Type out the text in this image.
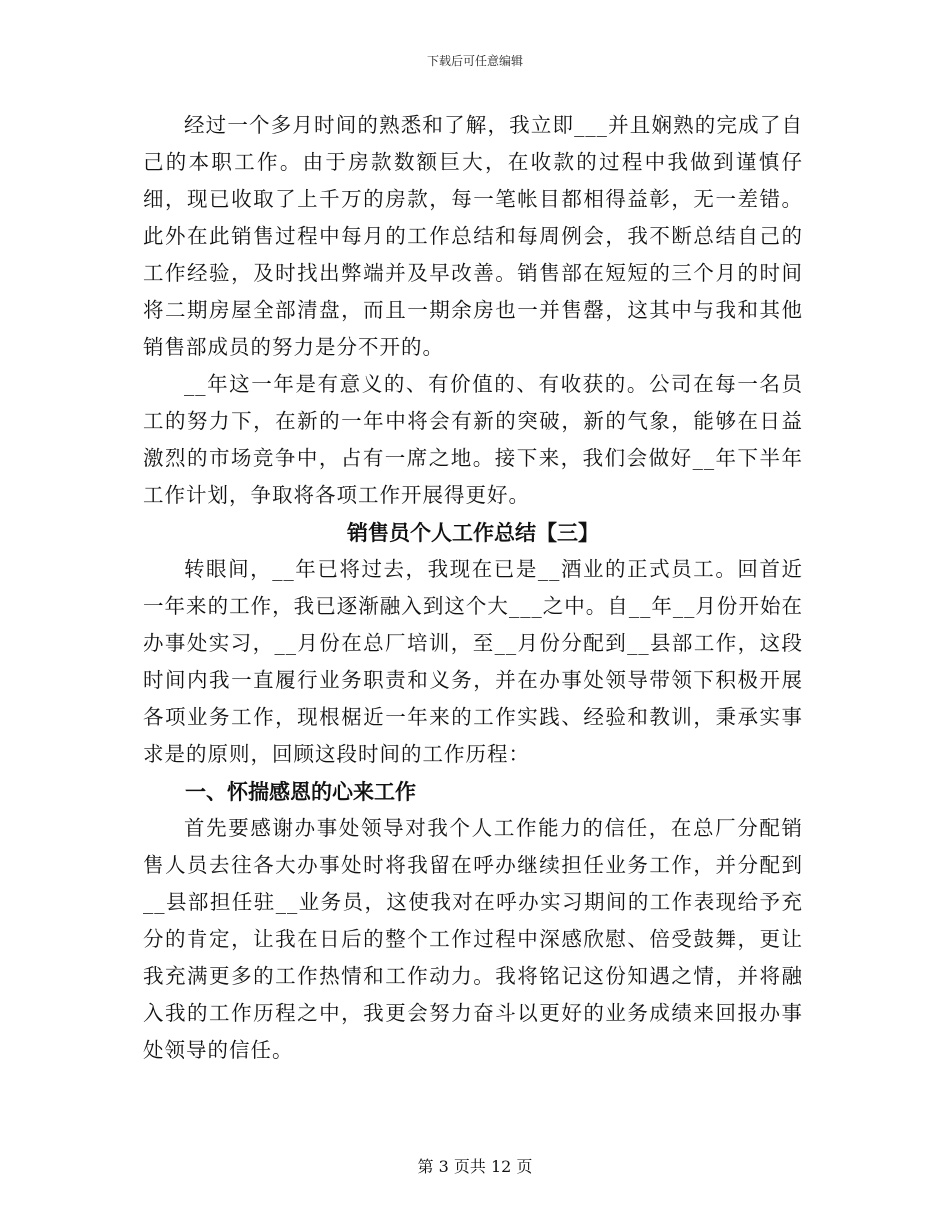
下载后可任意编辑

经过一个多月时间的熟悉和了解，我立即___并且娴熟的完成了自己的本职工作。由于房款数额巨大，在收款的过程中我做到谨慎仔细，现已收取了上千万的房款，每一笔帐目都相得益彰，无一差错。此外在此销售过程中每月的工作总结和每周例会，我不断总结自己的工作经验，及时找出弊端并及早改善。销售部在短短的三个月的时间将二期房屋全部清盘，而且一期余房也一并售罄，这其中与我和其他销售部成员的努力是分不开的。

__年这一年是有意义的、有价值的、有收获的。公司在每一名员工的努力下，在新的一年中将会有新的突破，新的气象，能够在日益激烈的市场竞争中，占有一席之地。接下来，我们会做好__年下半年工作计划，争取将各项工作开展得更好。

销售员个人工作总结【三】

转眼间，__年已将过去，我现在已是__酒业的正式员工。回首近一年来的工作，我已逐渐融入到这个大___之中。自__年__月份开始在办事处实习，__月份在总厂培训，至__月份分配到__县部工作，这段时间内我一直履行业务职责和义务，并在办事处领导带领下积极开展各项业务工作，现根椐近一年来的工作实践、经验和教训，秉承实事求是的原则，回顾这段时间的工作历程：

一、怀揣感恩的心来工作

首先要感谢办事处领导对我个人工作能力的信任，在总厂分配销售人员去往各大办事处时将我留在呼办继续担任业务工作，并分配到__县部担任驻__业务员，这使我对在呼办实习期间的工作表现给予充分的肯定，让我在日后的整个工作过程中深感欣慰、倍受鼓舞，更让我充满更多的工作热情和工作动力。我将铭记这份知遇之情，并将融入我的工作历程之中，我更会努力奋斗以更好的业务成绩来回报办事处领导的信任。

第 3 页共 12 页
